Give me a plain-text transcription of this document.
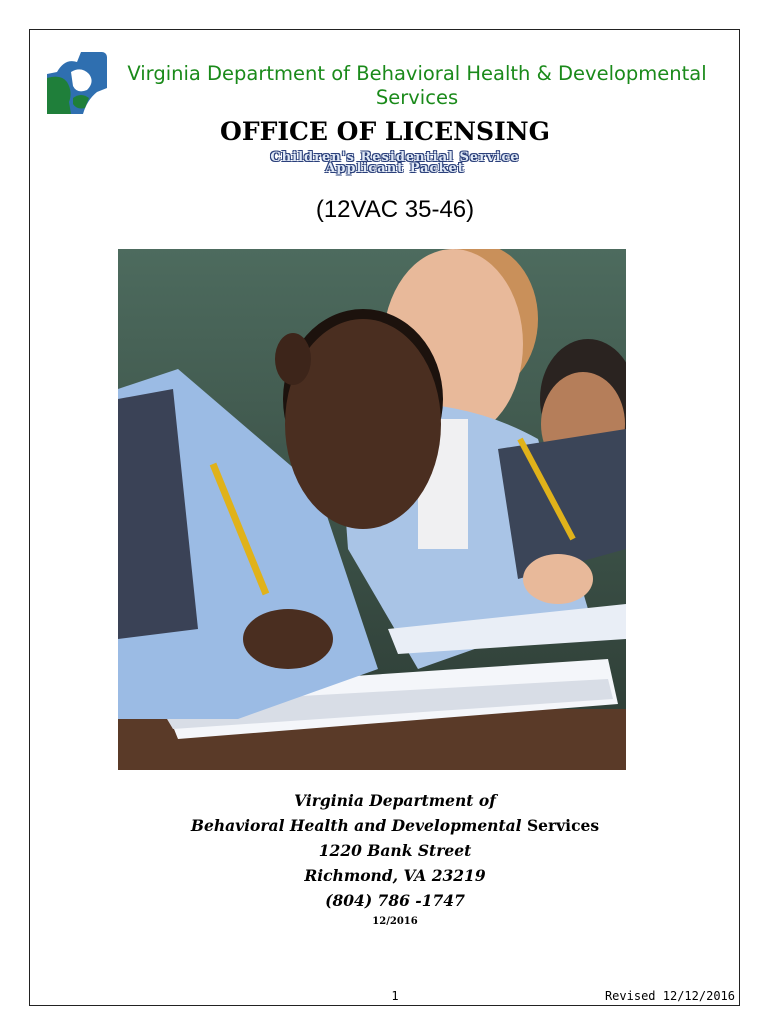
Virginia Department of Behavioral Health & Developmental
Services
OFFICE OF LICENSING
Children's Residential Service
Applicant Packet
(12VAC 35-46)
Virginia Department of
Behavioral Health and Developmental Services
1220 Bank Street
Richmond, VA 23219
(804) 786 -1747
12/2016
1	Revised 12/12/2016
